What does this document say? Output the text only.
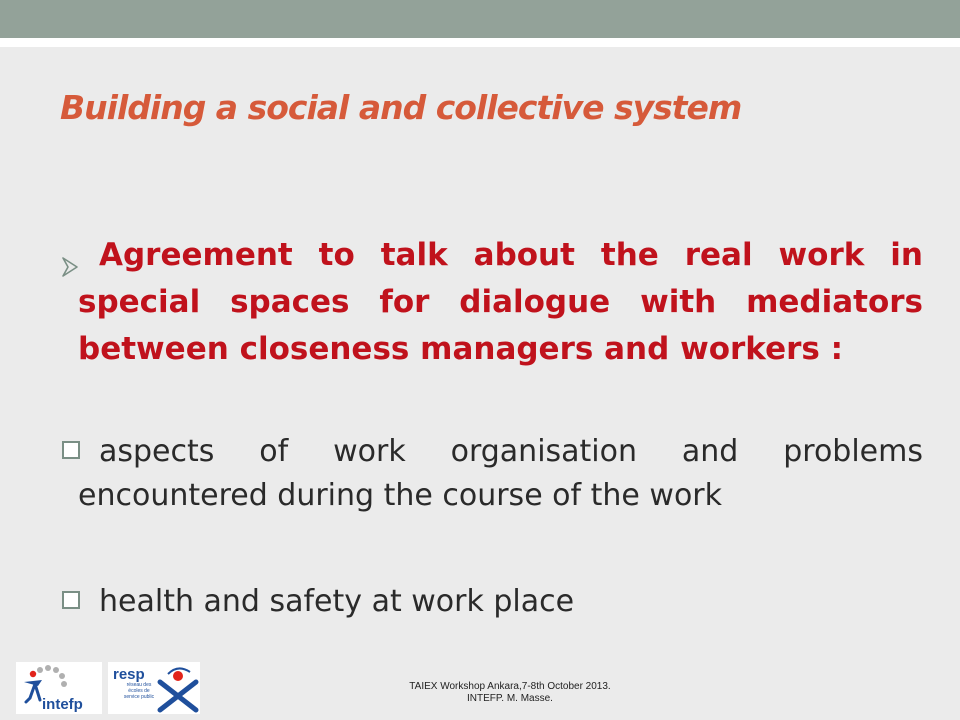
Building a social and collective system
Agreement to talk about the real work in special spaces for dialogue with mediators between closeness managers and workers :
aspects of work organisation and problems encountered during the course of the work
health and safety at work place
intefp
resp
réseau des écoles de service public
TAIEX Workshop Ankara,7-8th October 2013.
INTEFP. M. Masse.
